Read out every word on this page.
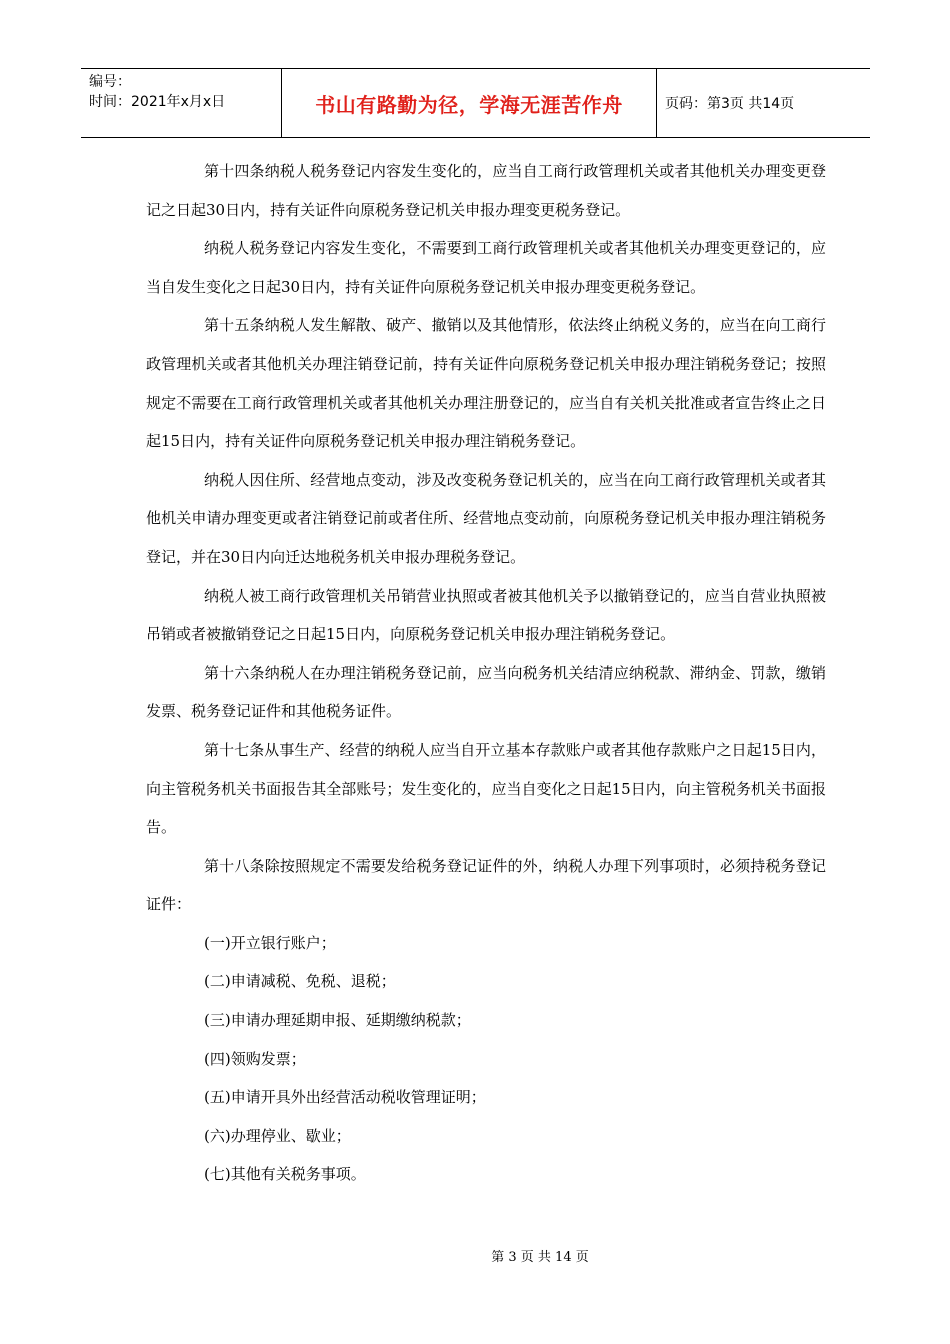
编号：
时间：2021年x月x日	书山有路勤为径，学海无涯苦作舟	页码：第3页 共14页

第十四条纳税人税务登记内容发生变化的，应当自工商行政管理机关或者其他机关办理变更登记之日起30日内，持有关证件向原税务登记机关申报办理变更税务登记。

纳税人税务登记内容发生变化，不需要到工商行政管理机关或者其他机关办理变更登记的，应当自发生变化之日起30日内，持有关证件向原税务登记机关申报办理变更税务登记。

第十五条纳税人发生解散、破产、撤销以及其他情形，依法终止纳税义务的，应当在向工商行政管理机关或者其他机关办理注销登记前，持有关证件向原税务登记机关申报办理注销税务登记；按照规定不需要在工商行政管理机关或者其他机关办理注册登记的，应当自有关机关批准或者宣告终止之日起15日内，持有关证件向原税务登记机关申报办理注销税务登记。

纳税人因住所、经营地点变动，涉及改变税务登记机关的，应当在向工商行政管理机关或者其他机关申请办理变更或者注销登记前或者住所、经营地点变动前，向原税务登记机关申报办理注销税务登记，并在30日内向迁达地税务机关申报办理税务登记。

纳税人被工商行政管理机关吊销营业执照或者被其他机关予以撤销登记的，应当自营业执照被吊销或者被撤销登记之日起15日内，向原税务登记机关申报办理注销税务登记。

第十六条纳税人在办理注销税务登记前，应当向税务机关结清应纳税款、滞纳金、罚款，缴销发票、税务登记证件和其他税务证件。

第十七条从事生产、经营的纳税人应当自开立基本存款账户或者其他存款账户之日起15日内，向主管税务机关书面报告其全部账号；发生变化的，应当自变化之日起15日内，向主管税务机关书面报告。

第十八条除按照规定不需要发给税务登记证件的外，纳税人办理下列事项时，必须持税务登记证件：

(一)开立银行账户；

(二)申请减税、免税、退税；

(三)申请办理延期申报、延期缴纳税款；

(四)领购发票；

(五)申请开具外出经营活动税收管理证明；

(六)办理停业、歇业；

(七)其他有关税务事项。

第 3 页 共 14 页
